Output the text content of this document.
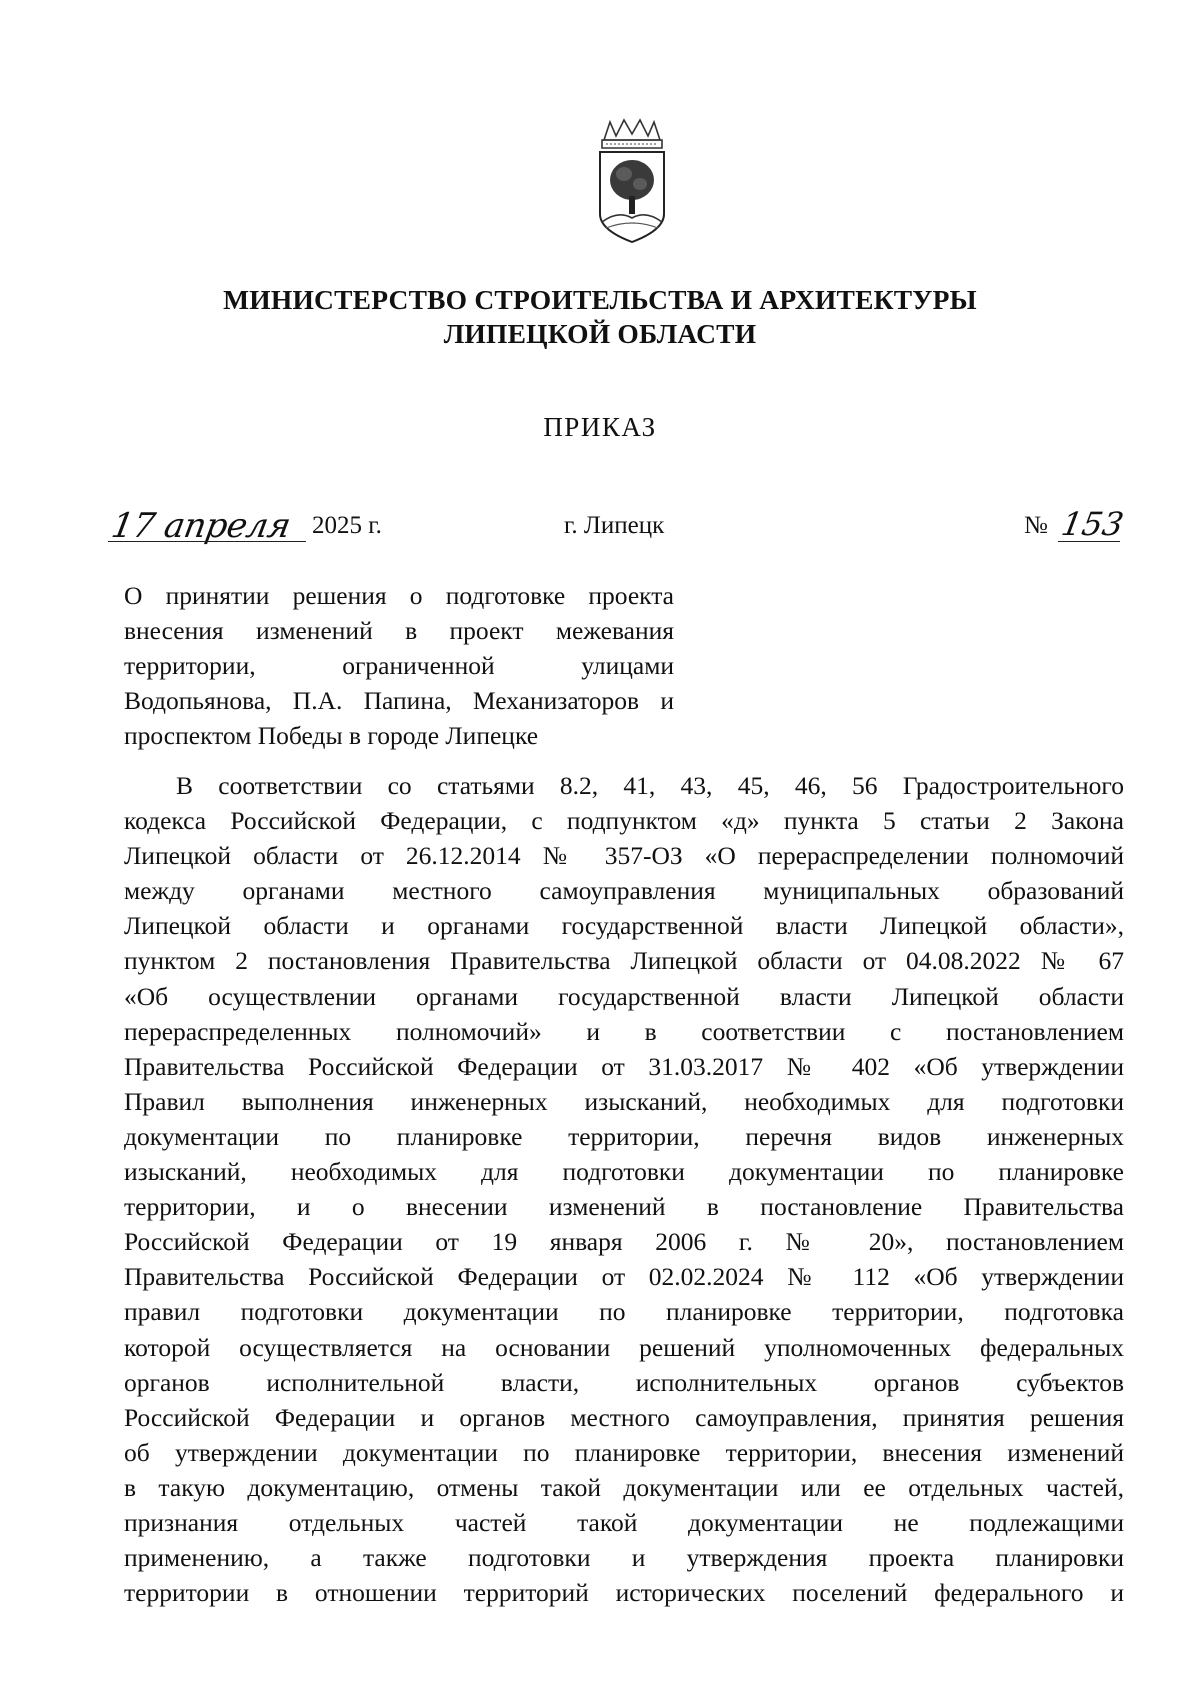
МИНИСТЕРСТВО СТРОИТЕЛЬСТВА И АРХИТЕКТУРЫ
ЛИПЕЦКОЙ ОБЛАСТИ
ПРИКАЗ
17 апреля 2025 г.	г. Липецк	№ 153
О принятии решения о подготовке проекта
внесения изменений в проект межевания
территории, ограниченной улицами
Водопьянова, П.А. Папина, Механизаторов и
проспектом Победы в городе Липецке
В соответствии со статьями 8.2, 41, 43, 45, 46, 56 Градостроительного
кодекса Российской Федерации, с подпунктом «д» пункта 5 статьи 2 Закона
Липецкой области от 26.12.2014 № 357-ОЗ «О перераспределении полномочий
между органами местного самоуправления муниципальных образований
Липецкой области и органами государственной власти Липецкой области»,
пунктом 2 постановления Правительства Липецкой области от 04.08.2022 № 67
«Об осуществлении органами государственной власти Липецкой области
перераспределенных полномочий» и в соответствии с постановлением
Правительства Российской Федерации от 31.03.2017 № 402 «Об утверждении
Правил выполнения инженерных изысканий, необходимых для подготовки
документации по планировке территории, перечня видов инженерных
изысканий, необходимых для подготовки документации по планировке
территории, и о внесении изменений в постановление Правительства
Российской Федерации от 19 января 2006 г. № 20», постановлением
Правительства Российской Федерации от 02.02.2024 № 112 «Об утверждении
правил подготовки документации по планировке территории, подготовка
которой осуществляется на основании решений уполномоченных федеральных
органов исполнительной власти, исполнительных органов субъектов
Российской Федерации и органов местного самоуправления, принятия решения
об утверждении документации по планировке территории, внесения изменений
в такую документацию, отмены такой документации или ее отдельных частей,
признания отдельных частей такой документации не подлежащими
применению, а также подготовки и утверждения проекта планировки
территории в отношении территорий исторических поселений федерального и
